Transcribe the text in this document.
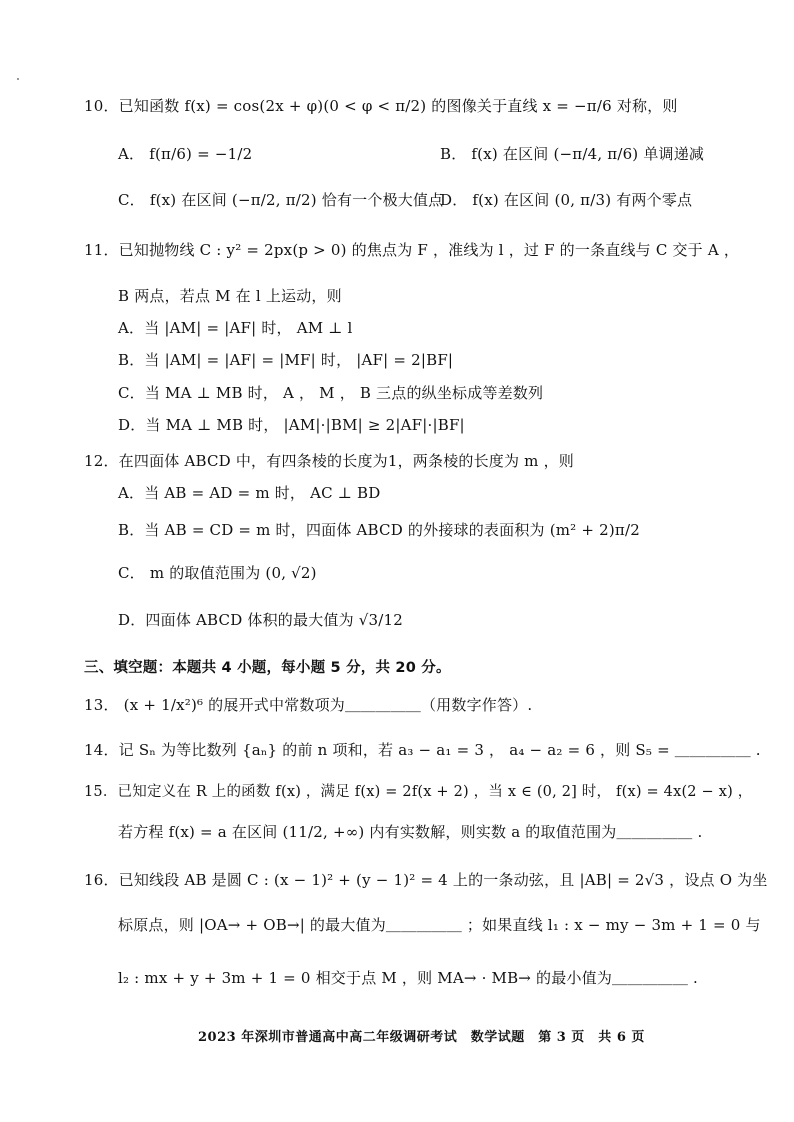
10．已知函数 f(x) = cos(2x + φ)(0 < φ < π/2) 的图像关于直线 x = −π/6 对称，则
A． f(π/6) = −1/2	B． f(x) 在区间 (−π/4, π/6) 单调递减
C． f(x) 在区间 (−π/2, π/2) 恰有一个极大值点
D． f(x) 在区间 (0, π/3) 有两个零点
11．已知抛物线 C : y² = 2px(p > 0) 的焦点为 F ，准线为 l ，过 F 的一条直线与 C 交于 A ，
B 两点，若点 M 在 l 上运动，则
A．当 |AM| = |AF| 时， AM ⊥ l
B．当 |AM| = |AF| = |MF| 时， |AF| = 2|BF|
C．当 MA ⊥ MB 时， A ， M ， B 三点的纵坐标成等差数列
D．当 MA ⊥ MB 时， |AM|·|BM| ≥ 2|AF|·|BF|
12．在四面体 ABCD 中，有四条棱的长度为1，两条棱的长度为 m ，则
A．当 AB = AD = m 时， AC ⊥ BD
B．当 AB = CD = m 时，四面体 ABCD 的外接球的表面积为 (m² + 2)π/2
C． m 的取值范围为 (0, √2)
D．四面体 ABCD 体积的最大值为 √3/12
三、填空题：本题共 4 小题，每小题 5 分，共 20 分。
13． (x + 1/x²)⁶ 的展开式中常数项为＿＿＿＿＿（用数字作答）.
14．记 Sₙ 为等比数列 {aₙ} 的前 n 项和，若 a₃ − a₁ = 3 ， a₄ − a₂ = 6 ，则 S₅ = ＿＿＿＿＿ .
15．已知定义在 R 上的函数 f(x) ，满足 f(x) = 2f(x + 2) ，当 x ∈ (0, 2] 时， f(x) = 4x(2 − x) ，
若方程 f(x) = a 在区间 (11/2, +∞) 内有实数解，则实数 a 的取值范围为＿＿＿＿＿ .
16．已知线段 AB 是圆 C : (x − 1)² + (y − 1)² = 4 上的一条动弦，且 |AB| = 2√3 ，设点 O 为坐
标原点，则 |OA→ + OB→| 的最大值为＿＿＿＿＿ ；如果直线 l₁ : x − my − 3m + 1 = 0 与
l₂ : mx + y + 3m + 1 = 0 相交于点 M ，则 MA→ · MB→ 的最小值为＿＿＿＿＿ .
2023 年深圳市普通高中高二年级调研考试　数学试题　第 3 页　共 6 页
